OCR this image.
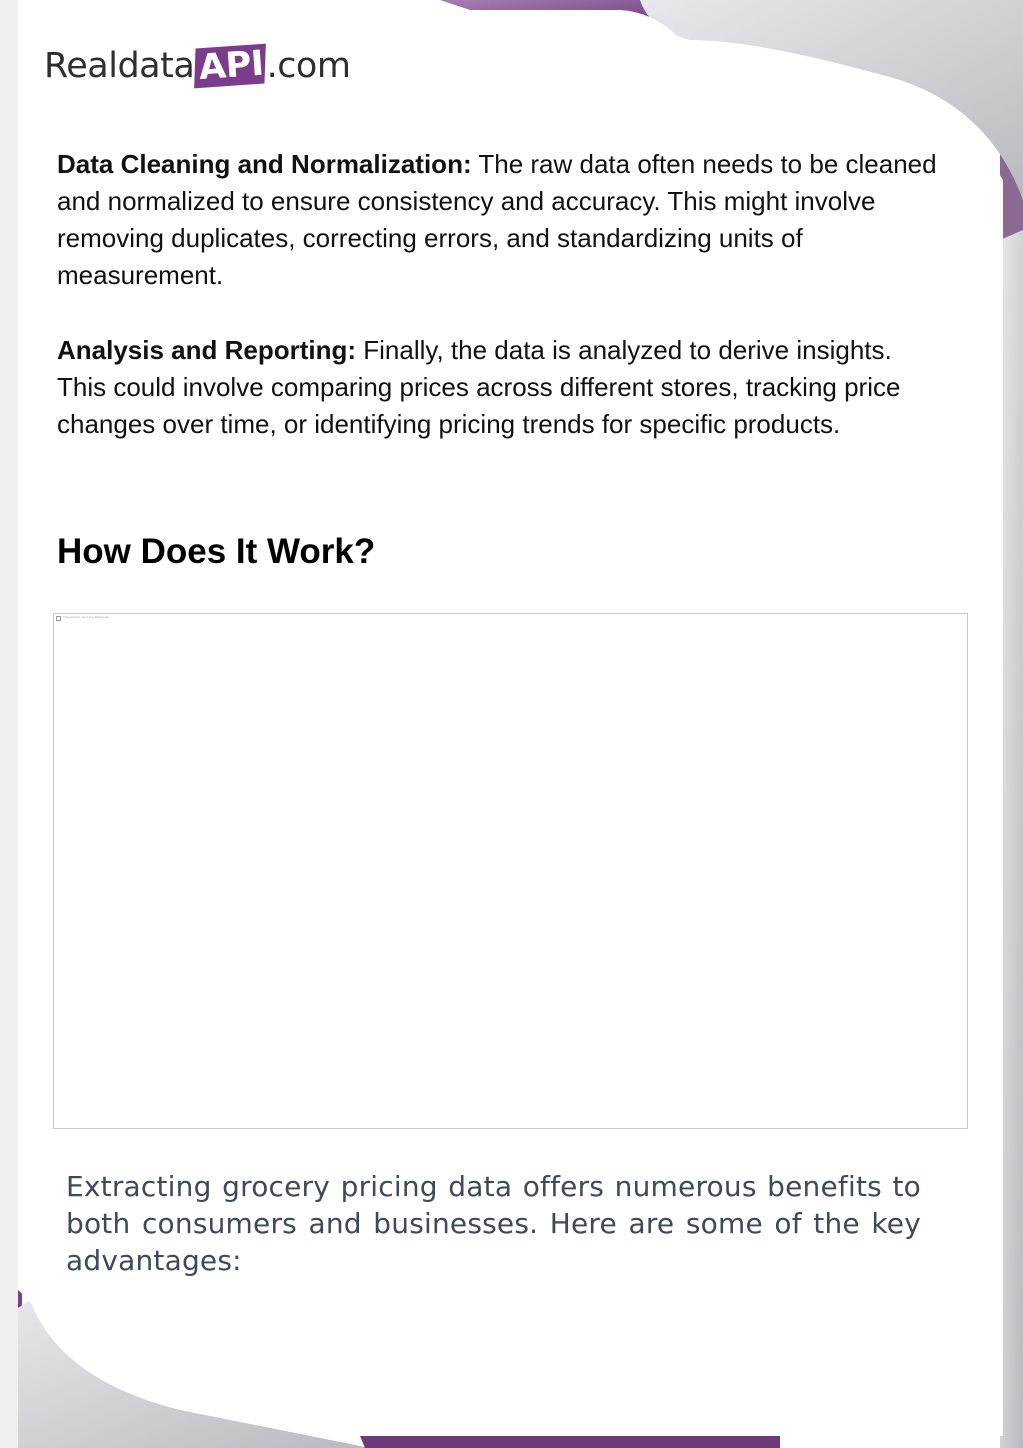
Realdata API .com

Data Cleaning and Normalization: The raw data often needs to be cleaned and normalized to ensure consistency and accuracy. This might involve removing duplicates, correcting errors, and standardizing units of measurement.

Analysis and Reporting: Finally, the data is analyzed to derive insights. This could involve comparing prices across different stores, tracking price changes over time, or identifying pricing trends for specific products.

How Does It Work?
The picture can't be displayed.

Extracting grocery pricing data offers numerous benefits to both consumers and businesses. Here are some of the key advantages:
